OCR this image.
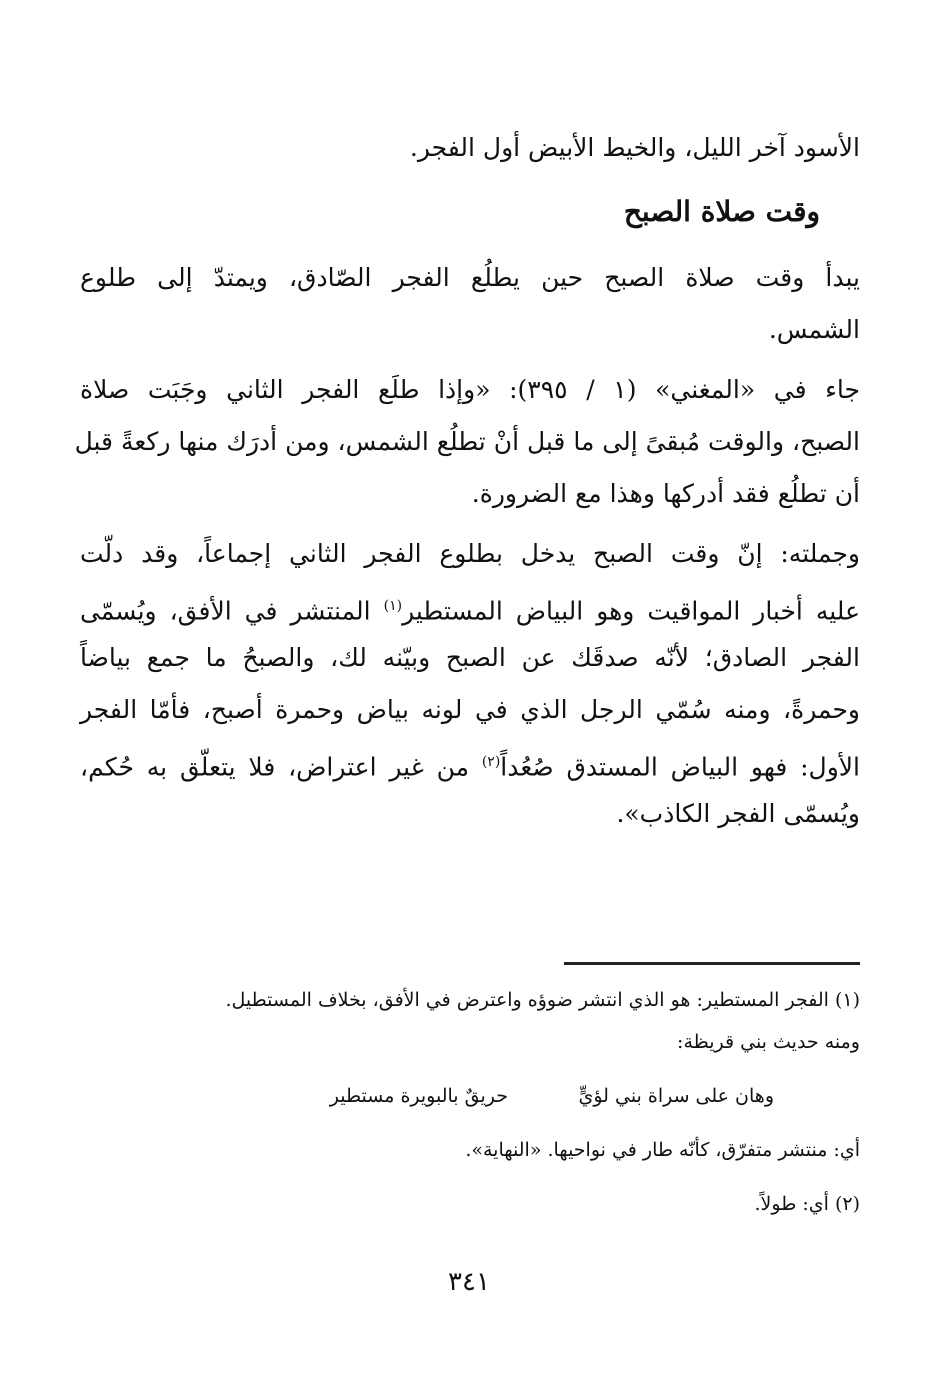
الأسود آخر الليل، والخيط الأبيض أول الفجر.
وقت صلاة الصبح
يبدأ وقت صلاة الصبح حين يطلُع الفجر الصّادق، ويمتدّ إلى طلوع
الشمس.
جاء في «المغني» (١ / ٣٩٥): «وإذا طلَع الفجر الثاني وجَبَت صلاة
الصبح، والوقت مُبقىً إلى ما قبل أنْ تطلُع الشمس، ومن أدرَك منها ركعةً قبل
أن تطلُع فقد أدركها وهذا مع الضرورة.
وجملته: إنّ وقت الصبح يدخل بطلوع الفجر الثاني إجماعاً، وقد دلّت
عليه أخبار المواقيت وهو البياض المستطير$^{(١)}$ المنتشر في الأفق، ويُسمّى
الفجر الصادق؛ لأنّه صدقَك عن الصبح وبيّنه لك، والصبحُ ما جمع بياضاً
وحمرةً، ومنه سُمّي الرجل الذي في لونه بياض وحمرة أصبح، فأمّا الفجر
الأول: فهو البياض المستدق صُعُداً$^{(٢)}$ من غير اعتراض، فلا يتعلّق به حُكم،
ويُسمّى الفجر الكاذب».
(١) الفجر المستطير: هو الذي انتشر ضوؤه واعترض في الأفق، بخلاف المستطيل.
ومنه حديث بني قريظة:
وهان على سراة بني لؤيٍّ
حريقٌ بالبويرة مستطير
أي: منتشر متفرّق، كأنّه طار في نواحيها. «النهاية».
(٢) أي: طولاً.
٣٤١
